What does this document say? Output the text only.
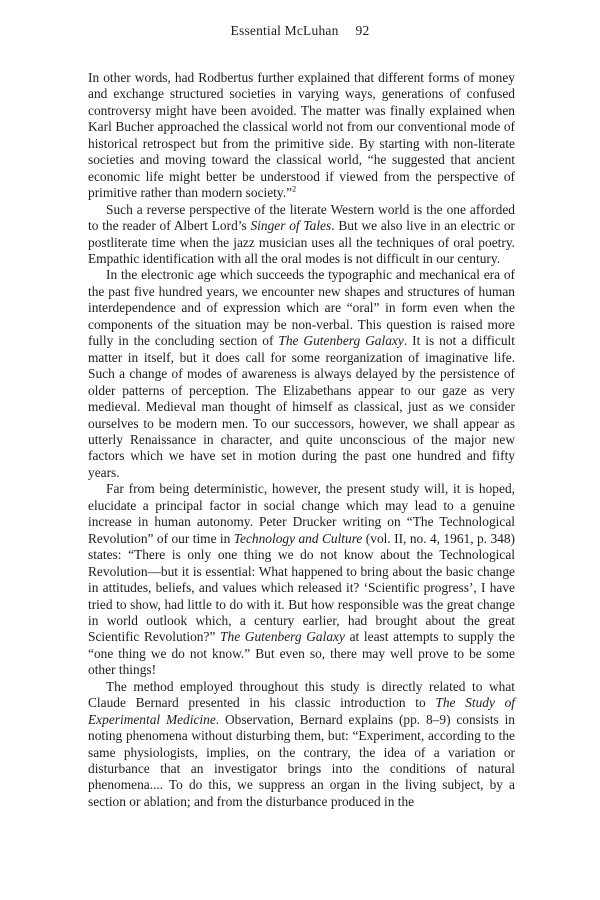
Essential McLuhan 92

In other words, had Rodbertus further explained that different forms of money and exchange structured societies in varying ways, generations of confused controversy might have been avoided. The matter was finally explained when Karl Bucher approached the classical world not from our conventional mode of historical retrospect but from the primitive side. By starting with non-literate societies and moving toward the classical world, “he suggested that ancient economic life might better be understood if viewed from the perspective of primitive rather than modern society.”$^2$

Such a reverse perspective of the literate Western world is the one afforded to the reader of Albert Lord’s Singer of Tales. But we also live in an electric or postliterate time when the jazz musician uses all the techniques of oral poetry. Empathic identification with all the oral modes is not difficult in our century.

In the electronic age which succeeds the typographic and mechanical era of the past five hundred years, we encounter new shapes and structures of human interdependence and of expression which are “oral” in form even when the components of the situation may be non-verbal. This question is raised more fully in the concluding section of The Gutenberg Galaxy. It is not a difficult matter in itself, but it does call for some reorganization of imaginative life. Such a change of modes of awareness is always delayed by the persistence of older patterns of perception. The Elizabethans appear to our gaze as very medieval. Medieval man thought of himself as classical, just as we consider ourselves to be modern men. To our successors, however, we shall appear as utterly Renaissance in character, and quite unconscious of the major new factors which we have set in motion during the past one hundred and fifty years.

Far from being deterministic, however, the present study will, it is hoped, elucidate a principal factor in social change which may lead to a genuine increase in human autonomy. Peter Drucker writing on “The Technological Revolution” of our time in Technology and Culture (vol. II, no. 4, 1961, p. 348) states: “There is only one thing we do not know about the Technological Revolution—but it is essential: What happened to bring about the basic change in attitudes, beliefs, and values which released it? ‘Scientific progress’, I have tried to show, had little to do with it. But how responsible was the great change in world outlook which, a century earlier, had brought about the great Scientific Revolution?” The Gutenberg Galaxy at least attempts to supply the “one thing we do not know.” But even so, there may well prove to be some other things!

The method employed throughout this study is directly related to what Claude Bernard presented in his classic introduction to The Study of Experimental Medicine. Observation, Bernard explains (pp. 8–9) consists in noting phenomena without disturbing them, but: “Experiment, according to the same physiologists, implies, on the contrary, the idea of a variation or disturbance that an investigator brings into the conditions of natural phenomena.... To do this, we suppress an organ in the living subject, by a section or ablation; and from the disturbance produced in the
